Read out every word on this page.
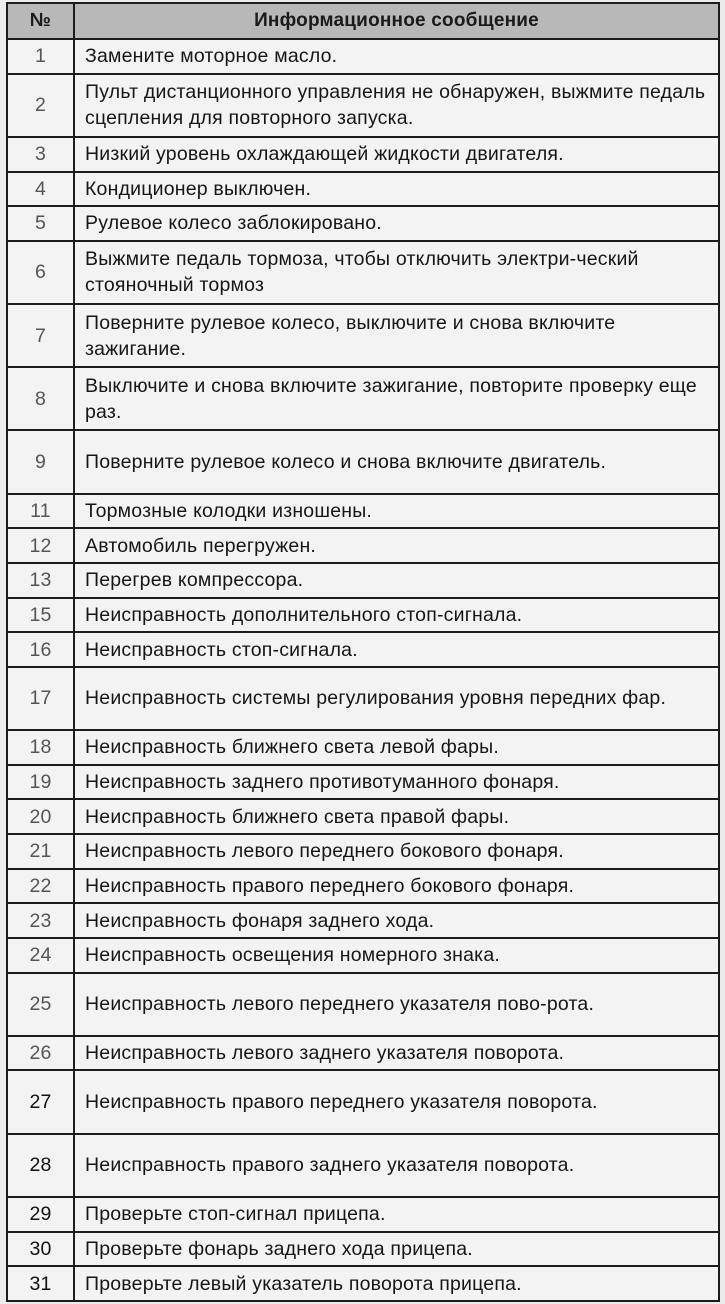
№	Информационное сообщение
1	Замените моторное масло.
2	Пульт дистанционного управления не обнаружен, выжмите педаль сцепления для повторного запуска.
3	Низкий уровень охлаждающей жидкости двигателя.
4	Кондиционер выключен.
5	Рулевое колесо заблокировано.
6	Выжмите педаль тормоза, чтобы отключить электри-ческий стояночный тормоз
7	Поверните рулевое колесо, выключите и снова включите зажигание.
8	Выключите и снова включите зажигание, повторите проверку еще раз.
9	Поверните рулевое колесо и снова включите двигатель.
11	Тормозные колодки изношены.
12	Автомобиль перегружен.
13	Перегрев компрессора.
15	Неисправность дополнительного стоп-сигнала.
16	Неисправность стоп-сигнала.
17	Неисправность системы регулирования уровня передних фар.
18	Неисправность ближнего света левой фары.
19	Неисправность заднего противотуманного фонаря.
20	Неисправность ближнего света правой фары.
21	Неисправность левого переднего бокового фонаря.
22	Неисправность правого переднего бокового фонаря.
23	Неисправность фонаря заднего хода.
24	Неисправность освещения номерного знака.
25	Неисправность левого переднего указателя пово-рота.
26	Неисправность левого заднего указателя поворота.
27	Неисправность правого переднего указателя поворота.
28	Неисправность правого заднего указателя поворота.
29	Проверьте стоп-сигнал прицепа.
30	Проверьте фонарь заднего хода прицепа.
31	Проверьте левый указатель поворота прицепа.
